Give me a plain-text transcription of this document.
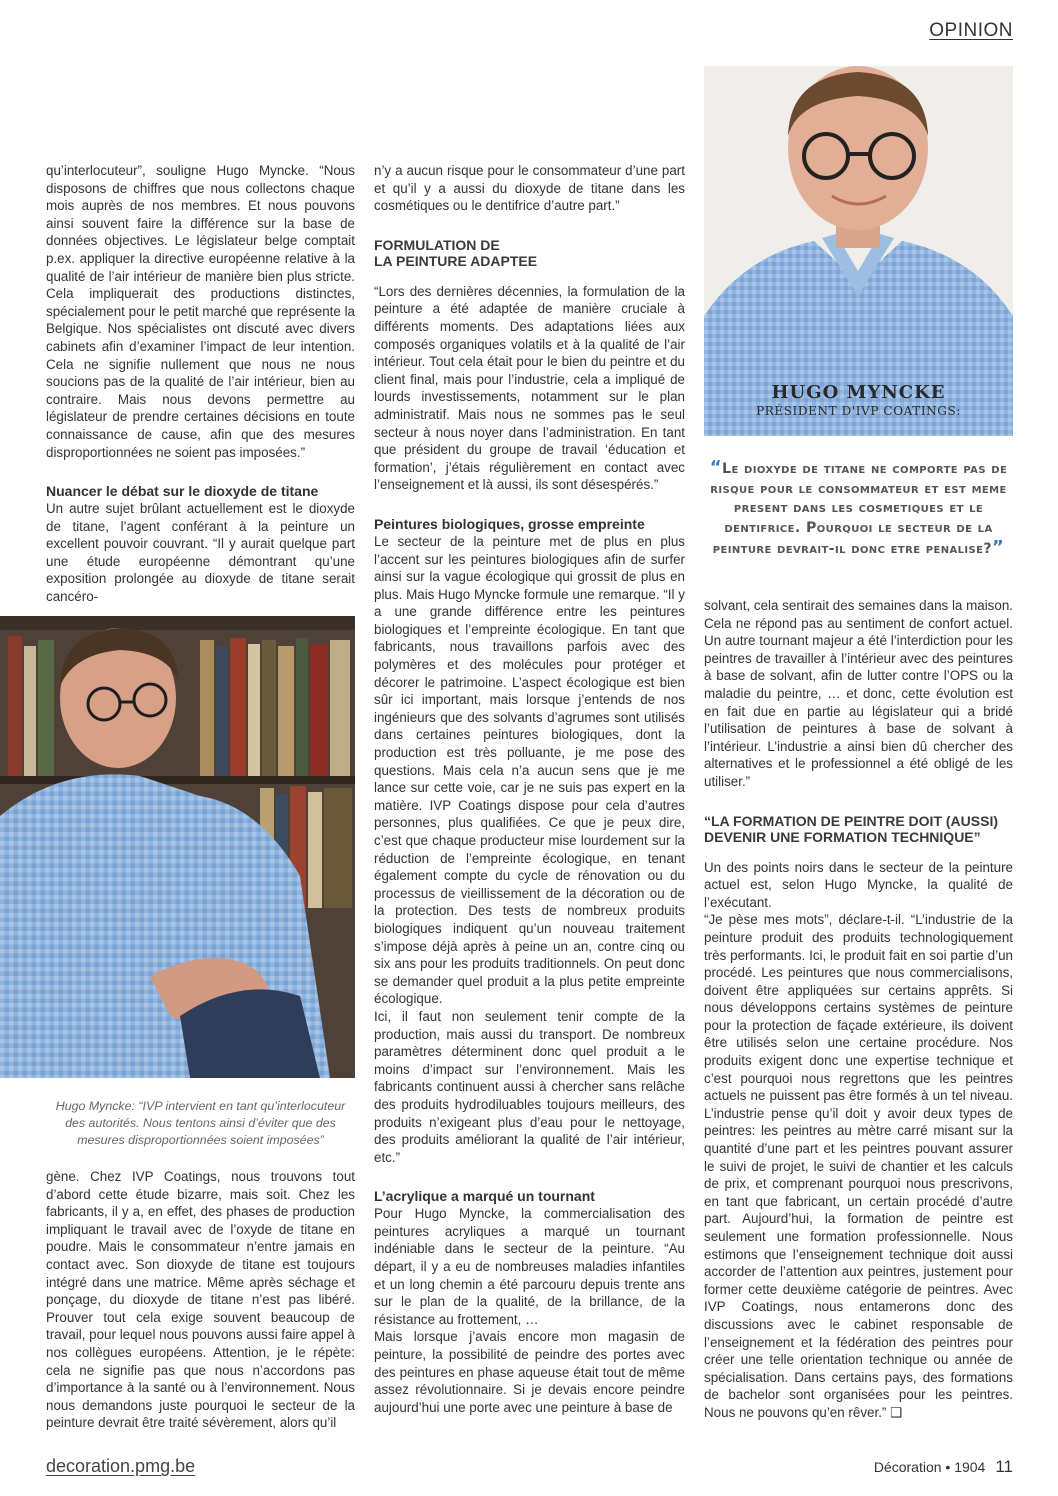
OPINION
HUGO MYNCKE
PRÉSIDENT D'IVP COATINGS:
“Le dioxyde de titane ne comporte pas de risque pour le consommateur et est meme present dans les cosmetiques et le dentifrice. Pourquoi le secteur de la peinture devrait-il donc etre penalise?”
Hugo Myncke: “IVP intervient en tant qu’interlocuteur des autorités. Nous tentons ainsi d’éviter que des mesures disproportionnées soient imposées”

qu’interlocuteur”, souligne Hugo Myncke. “Nous disposons de chiffres que nous collectons chaque mois auprès de nos membres. Et nous pouvons ainsi souvent faire la différence sur la base de données objectives. Le législateur belge comptait p.ex. appliquer la directive européenne relative à la qualité de l’air intérieur de manière bien plus stricte. Cela impliquerait des productions distinctes, spécialement pour le petit marché que représente la Belgique. Nos spécialistes ont discuté avec divers cabinets afin d’examiner l’impact de leur intention. Cela ne signifie nullement que nous ne nous soucions pas de la qualité de l’air intérieur, bien au contraire. Mais nous devons permettre au législateur de prendre certaines décisions en toute connaissance de cause, afin que des mesures disproportionnées ne soient pas imposées.”

Nuancer le débat sur le dioxyde de titane

Un autre sujet brûlant actuellement est le dioxyde de titane, l’agent conférant à la peinture un excellent pouvoir couvrant. “Il y aurait quelque part une étude européenne démontrant qu’une exposition prolongée au dioxyde de titane serait cancéro-

gène. Chez IVP Coatings, nous trouvons tout d’abord cette étude bizarre, mais soit. Chez les fabricants, il y a, en effet, des phases de production impliquant le travail avec de l’oxyde de titane en poudre. Mais le consommateur n’entre jamais en contact avec. Son dioxyde de titane est toujours intégré dans une matrice. Même après séchage et ponçage, du dioxyde de titane n’est pas libéré. Prouver tout cela exige souvent beaucoup de travail, pour lequel nous pouvons aussi faire appel à nos collègues européens. Attention, je le répète: cela ne signifie pas que nous n’accordons pas d’importance à la santé ou à l’environnement. Nous nous demandons juste pourquoi le secteur de la peinture devrait être traité sévèrement, alors qu’il

n’y a aucun risque pour le consommateur d’une part et qu’il y a aussi du dioxyde de titane dans les cosmétiques ou le dentifrice d’autre part.”

FORMULATION DE
LA PEINTURE ADAPTEE

“Lors des dernières décennies, la formulation de la peinture a été adaptée de manière cruciale à différents moments. Des adaptations liées aux composés organiques volatils et à la qualité de l’air intérieur. Tout cela était pour le bien du peintre et du client final, mais pour l’industrie, cela a impliqué de lourds investissements, notamment sur le plan administratif. Mais nous ne sommes pas le seul secteur à nous noyer dans l’administration. En tant que président du groupe de travail ‘éducation et formation’, j’étais régulièrement en contact avec l’enseignement et là aussi, ils sont désespérés.”

Peintures biologiques, grosse empreinte

Le secteur de la peinture met de plus en plus l’accent sur les peintures biologiques afin de surfer ainsi sur la vague écologique qui grossit de plus en plus. Mais Hugo Myncke formule une remarque. “Il y a une grande différence entre les peintures biologiques et l’empreinte écologique. En tant que fabricants, nous travaillons parfois avec des polymères et des molécules pour protéger et décorer le patrimoine. L’aspect écologique est bien sûr ici important, mais lorsque j’entends de nos ingénieurs que des solvants d’agrumes sont utilisés dans certaines peintures biologiques, dont la production est très polluante, je me pose des questions. Mais cela n’a aucun sens que je me lance sur cette voie, car je ne suis pas expert en la matière. IVP Coatings dispose pour cela d’autres personnes, plus qualifiées. Ce que je peux dire, c’est que chaque producteur mise lourdement sur la réduction de l’empreinte écologique, en tenant également compte du cycle de rénovation ou du processus de vieillissement de la décoration ou de la protection. Des tests de nombreux produits biologiques indiquent qu’un nouveau traitement s’impose déjà après à peine un an, contre cinq ou six ans pour les produits traditionnels. On peut donc se demander quel produit a la plus petite empreinte écologique.

Ici, il faut non seulement tenir compte de la production, mais aussi du transport. De nombreux paramètres déterminent donc quel produit a le moins d’impact sur l’environnement. Mais les fabricants continuent aussi à chercher sans relâche des produits hydrodiluables toujours meilleurs, des produits n’exigeant plus d’eau pour le nettoyage, des produits améliorant la qualité de l’air intérieur, etc.”

L’acrylique a marqué un tournant

Pour Hugo Myncke, la commercialisation des peintures acryliques a marqué un tournant indéniable dans le secteur de la peinture. “Au départ, il y a eu de nombreuses maladies infantiles et un long chemin a été parcouru depuis trente ans sur le plan de la qualité, de la brillance, de la résistance au frottement, …

Mais lorsque j’avais encore mon magasin de peinture, la possibilité de peindre des portes avec des peintures en phase aqueuse était tout de même assez révolutionnaire. Si je devais encore peindre aujourd’hui une porte avec une peinture à base de

solvant, cela sentirait des semaines dans la maison. Cela ne répond pas au sentiment de confort actuel. Un autre tournant majeur a été l’interdiction pour les peintres de travailler à l’intérieur avec des peintures à base de solvant, afin de lutter contre l’OPS ou la maladie du peintre, … et donc, cette évolution est en fait due en partie au législateur qui a bridé l’utilisation de peintures à base de solvant à l’intérieur. L’industrie a ainsi bien dû chercher des alternatives et le professionnel a été obligé de les utiliser.”

“LA FORMATION DE PEINTRE DOIT (AUSSI)
DEVENIR UNE FORMATION TECHNIQUE”

Un des points noirs dans le secteur de la peinture actuel est, selon Hugo Myncke, la qualité de l’exécutant.

“Je pèse mes mots”, déclare-t-il. “L’industrie de la peinture produit des produits technologiquement très performants. Ici, le produit fait en soi partie d’un procédé. Les peintures que nous commercialisons, doivent être appliquées sur certains apprêts. Si nous développons certains systèmes de peinture pour la protection de façade extérieure, ils doivent être utilisés selon une certaine procédure. Nos produits exigent donc une expertise technique et c’est pourquoi nous regrettons que les peintres actuels ne puissent pas être formés à un tel niveau. L’industrie pense qu’il doit y avoir deux types de peintres: les peintres au mètre carré misant sur la quantité d’une part et les peintres pouvant assurer le suivi de projet, le suivi de chantier et les calculs de prix, et comprenant pourquoi nous prescrivons, en tant que fabricant, un certain procédé d’autre part. Aujourd’hui, la formation de peintre est seulement une formation professionnelle. Nous estimons que l’enseignement technique doit aussi accorder de l’attention aux peintres, justement pour former cette deuxième catégorie de peintres. Avec IVP Coatings, nous entamerons donc des discussions avec le cabinet responsable de l’enseignement et la fédération des peintres pour créer une telle orientation technique ou année de spécialisation. Dans certains pays, des formations de bachelor sont organisées pour les peintres. Nous ne pouvons qu’en rêver.” ❑

decoration.pmg.be	Décoration • 1904 11
